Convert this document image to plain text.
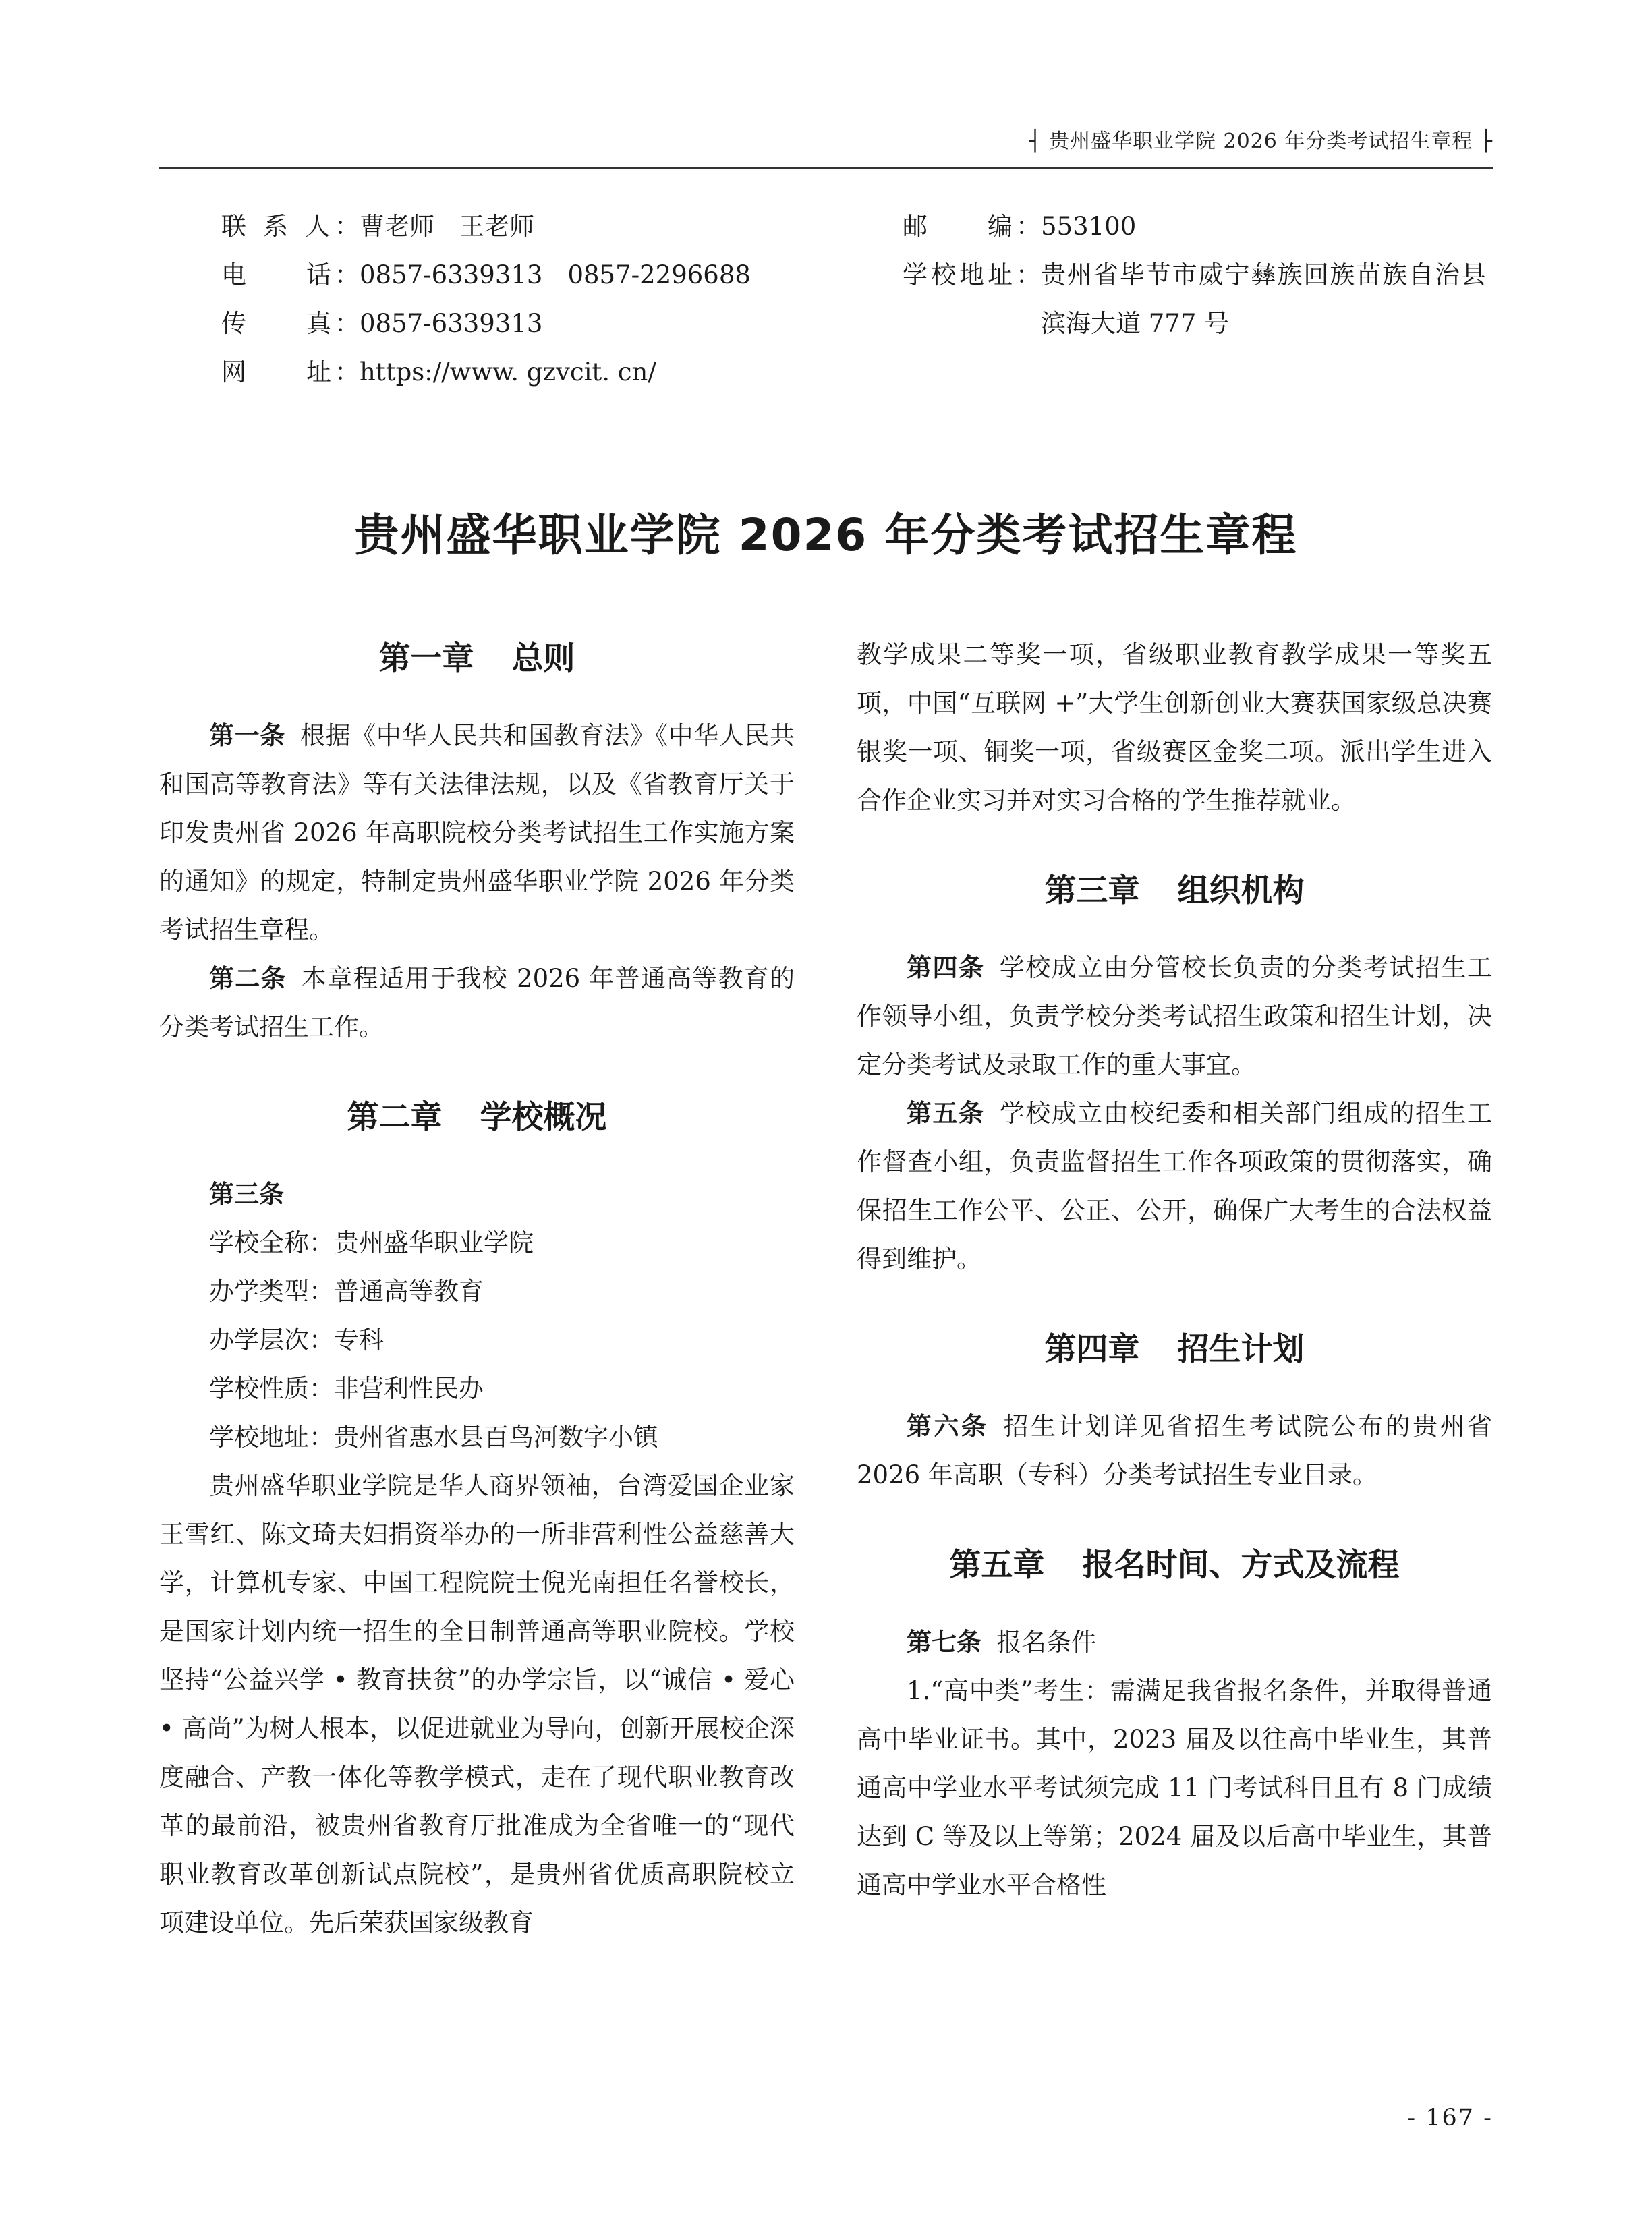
┤ 贵州盛华职业学院 2026 年分类考试招生章程 ├
联 系 人： 曹老师　王老师
电　　话： 0857-6339313　0857-2296688
传　　真： 0857-6339313
网　　址： https://www. gzvcit. cn/
邮　　编： 553100
学校地址： 贵州省毕节市威宁彝族回族苗族自治县滨海大道 777 号
贵州盛华职业学院 2026 年分类考试招生章程
第一章 总则

第一条 根据《中华人民共和国教育法》《中华人民共和国高等教育法》等有关法律法规，以及《省教育厅关于印发贵州省 2026 年高职院校分类考试招生工作实施方案的通知》的规定，特制定贵州盛华职业学院 2026 年分类考试招生章程。

第二条 本章程适用于我校 2026 年普通高等教育的分类考试招生工作。

第二章 学校概况

第三条

学校全称：贵州盛华职业学院

办学类型：普通高等教育

办学层次：专科

学校性质：非营利性民办

学校地址：贵州省惠水县百鸟河数字小镇

贵州盛华职业学院是华人商界领袖，台湾爱国企业家王雪红、陈文琦夫妇捐资举办的一所非营利性公益慈善大学，计算机专家、中国工程院院士倪光南担任名誉校长，是国家计划内统一招生的全日制普通高等职业院校。学校坚持“公益兴学 • 教育扶贫”的办学宗旨，以“诚信 • 爱心 • 高尚”为树人根本，以促进就业为导向，创新开展校企深度融合、产教一体化等教学模式，走在了现代职业教育改革的最前沿，被贵州省教育厅批准成为全省唯一的“现代职业教育改革创新试点院校”，是贵州省优质高职院校立项建设单位。先后荣获国家级教育

教学成果二等奖一项，省级职业教育教学成果一等奖五项，中国“互联网 +”大学生创新创业大赛获国家级总决赛银奖一项、铜奖一项，省级赛区金奖二项。派出学生进入合作企业实习并对实习合格的学生推荐就业。

第三章 组织机构

第四条 学校成立由分管校长负责的分类考试招生工作领导小组，负责学校分类考试招生政策和招生计划，决定分类考试及录取工作的重大事宜。

第五条 学校成立由校纪委和相关部门组成的招生工作督查小组，负责监督招生工作各项政策的贯彻落实，确保招生工作公平、公正、公开，确保广大考生的合法权益得到维护。

第四章 招生计划

第六条 招生计划详见省招生考试院公布的贵州省 2026 年高职（专科）分类考试招生专业目录。

第五章 报名时间、方式及流程

第七条 报名条件

1.“高中类”考生：需满足我省报名条件，并取得普通高中毕业证书。其中，2023 届及以往高中毕业生，其普通高中学业水平考试须完成 11 门考试科目且有 8 门成绩达到 C 等及以上等第；2024 届及以后高中毕业生，其普通高中学业水平合格性

- 167 -
